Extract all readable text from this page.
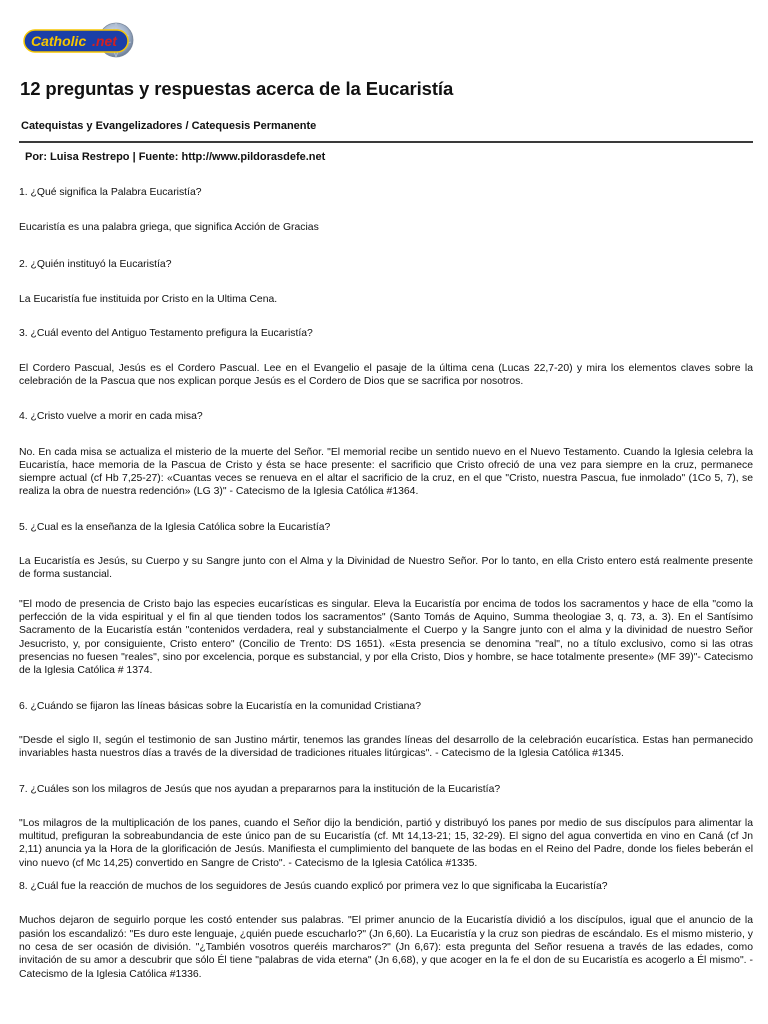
Catholic .net
12 preguntas y respuestas acerca de la Eucaristía
Catequistas y Evangelizadores / Catequesis Permanente
Por: Luisa Restrepo | Fuente: http://www.pildorasdefe.net

1. ¿Qué significa la Palabra Eucaristía?

Eucaristía es una palabra griega, que significa Acción de Gracias

2. ¿Quién instituyó la Eucaristía?

La Eucaristía fue instituida por Cristo en la Ultima Cena.

3. ¿Cuál evento del Antiguo Testamento prefigura la Eucaristía?

El Cordero Pascual, Jesús es el Cordero Pascual. Lee en el Evangelio el pasaje de la última cena (Lucas 22,7-20) y mira los elementos claves sobre la celebración de la Pascua que nos explican porque Jesús es el Cordero de Dios que se sacrifica por nosotros.

4. ¿Cristo vuelve a morir en cada misa?

No. En cada misa se actualiza el misterio de la muerte del Señor. "El memorial recibe un sentido nuevo en el Nuevo Testamento. Cuando la Iglesia celebra la Eucaristía, hace memoria de la Pascua de Cristo y ésta se hace presente: el sacrificio que Cristo ofreció de una vez para siempre en la cruz, permanece siempre actual (cf Hb 7,25-27): «Cuantas veces se renueva en el altar el sacrificio de la cruz, en el que "Cristo, nuestra Pascua, fue inmolado" (1Co 5, 7), se realiza la obra de nuestra redención» (LG 3)" - Catecismo de la Iglesia Católica #1364.

5. ¿Cual es la enseñanza de la Iglesia Católica sobre la Eucaristía?

La Eucaristía es Jesús, su Cuerpo y su Sangre junto con el Alma y la Divinidad de Nuestro Señor. Por lo tanto, en ella Cristo entero está realmente presente de forma sustancial.

"El modo de presencia de Cristo bajo las especies eucarísticas es singular. Eleva la Eucaristía por encima de todos los sacramentos y hace de ella "como la perfección de la vida espiritual y el fin al que tienden todos los sacramentos" (Santo Tomás de Aquino, Summa theologiae 3, q. 73, a. 3). En el Santísimo Sacramento de la Eucaristía están "contenidos verdadera, real y substancialmente el Cuerpo y la Sangre junto con el alma y la divinidad de nuestro Señor Jesucristo, y, por consiguiente, Cristo entero" (Concilio de Trento: DS 1651). «Esta presencia se denomina "real", no a título exclusivo, como si las otras presencias no fuesen "reales", sino por excelencia, porque es substancial, y por ella Cristo, Dios y hombre, se hace totalmente presente» (MF 39)"- Catecismo de la Iglesia Católica # 1374.

6. ¿Cuándo se fijaron las líneas básicas sobre la Eucaristía en la comunidad Cristiana?

"Desde el siglo II, según el testimonio de san Justino mártir, tenemos las grandes líneas del desarrollo de la celebración eucarística. Estas han permanecido invariables hasta nuestros días a través de la diversidad de tradiciones rituales litúrgicas". - Catecismo de la Iglesia Católica #1345.

7. ¿Cuáles son los milagros de Jesús que nos ayudan a prepararnos para la institución de la Eucaristía?

"Los milagros de la multiplicación de los panes, cuando el Señor dijo la bendición, partió y distribuyó los panes por medio de sus discípulos para alimentar la multitud, prefiguran la sobreabundancia de este único pan de su Eucaristía (cf. Mt 14,13-21; 15, 32-29). El signo del agua convertida en vino en Caná (cf Jn 2,11) anuncia ya la Hora de la glorificación de Jesús. Manifiesta el cumplimiento del banquete de las bodas en el Reino del Padre, donde los fieles beberán el vino nuevo (cf Mc 14,25) convertido en Sangre de Cristo". - Catecismo de la Iglesia Católica #1335.

8. ¿Cuál fue la reacción de muchos de los seguidores de Jesús cuando explicó por primera vez lo que significaba la Eucaristía?

Muchos dejaron de seguirlo porque les costó entender sus palabras. "El primer anuncio de la Eucaristía dividió a los discípulos, igual que el anuncio de la pasión los escandalizó: "Es duro este lenguaje, ¿quién puede escucharlo?" (Jn 6,60). La Eucaristía y la cruz son piedras de escándalo. Es el mismo misterio, y no cesa de ser ocasión de división. "¿También vosotros queréis marcharos?" (Jn 6,67): esta pregunta del Señor resuena a través de las edades, como invitación de su amor a descubrir que sólo Él tiene "palabras de vida eterna" (Jn 6,68), y que acoger en la fe el don de su Eucaristía es acogerlo a Él mismo". - Catecismo de la Iglesia Católica #1336.
